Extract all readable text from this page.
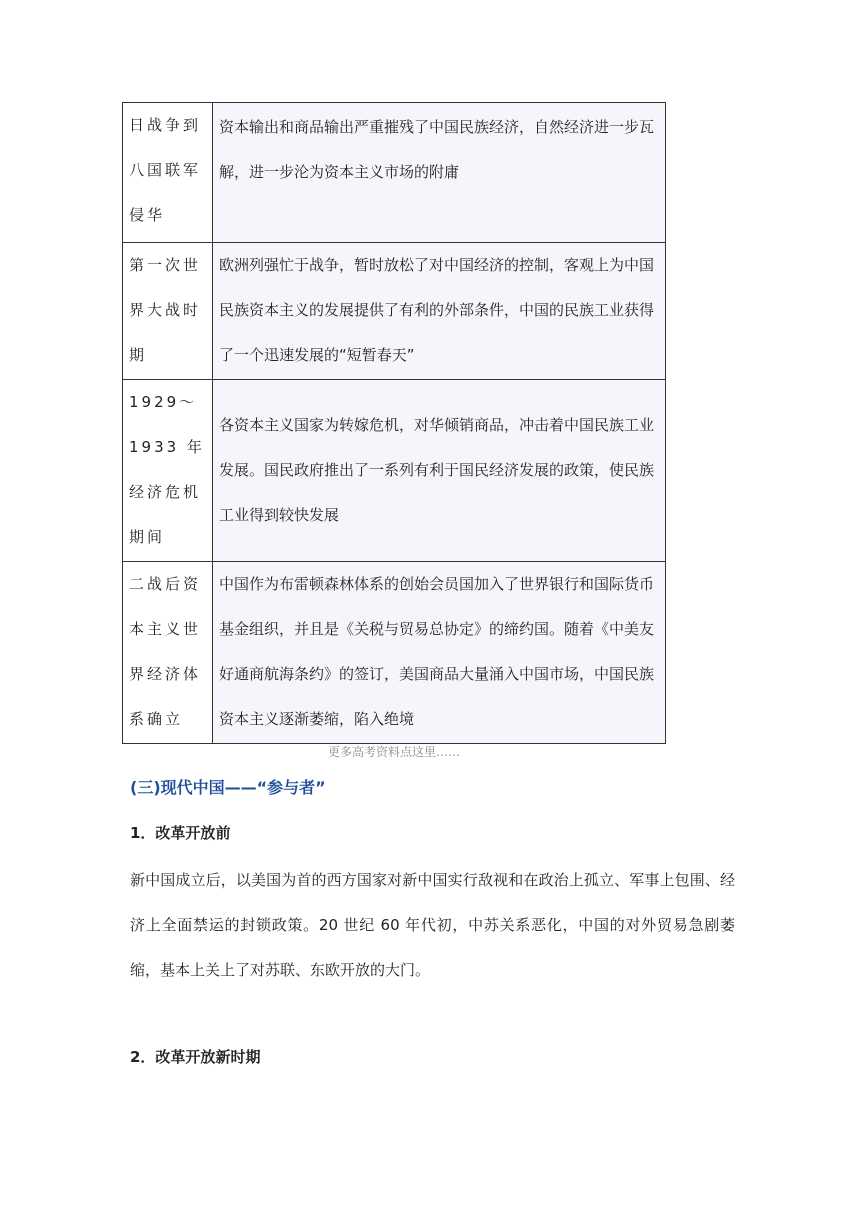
日战争到八国联军侵华	资本输出和商品输出严重摧残了中国民族经济，自然经济进一步瓦解，进一步沦为资本主义市场的附庸
第一次世界大战时期	欧洲列强忙于战争，暂时放松了对中国经济的控制，客观上为中国民族资本主义的发展提供了有利的外部条件，中国的民族工业获得了一个迅速发展的“短暂春天”
1929～1933 年经济危机期间	各资本主义国家为转嫁危机，对华倾销商品，冲击着中国民族工业发展。国民政府推出了一系列有利于国民经济发展的政策，使民族工业得到较快发展
二战后资本主义世界经济体系确立	中国作为布雷顿森林体系的创始会员国加入了世界银行和国际货币基金组织，并且是《关税与贸易总协定》的缔约国。随着《中美友好通商航海条约》的签订，美国商品大量涌入中国市场，中国民族资本主义逐渐萎缩，陷入绝境
更多高考资料点这里……
(三)现代中国——“参与者”
1．改革开放前
新中国成立后，以美国为首的西方国家对新中国实行敌视和在政治上孤立、军事上包围、经济上全面禁运的封锁政策。20 世纪 60 年代初，中苏关系恶化，中国的对外贸易急剧萎缩，基本上关上了对苏联、东欧开放的大门。
2．改革开放新时期
